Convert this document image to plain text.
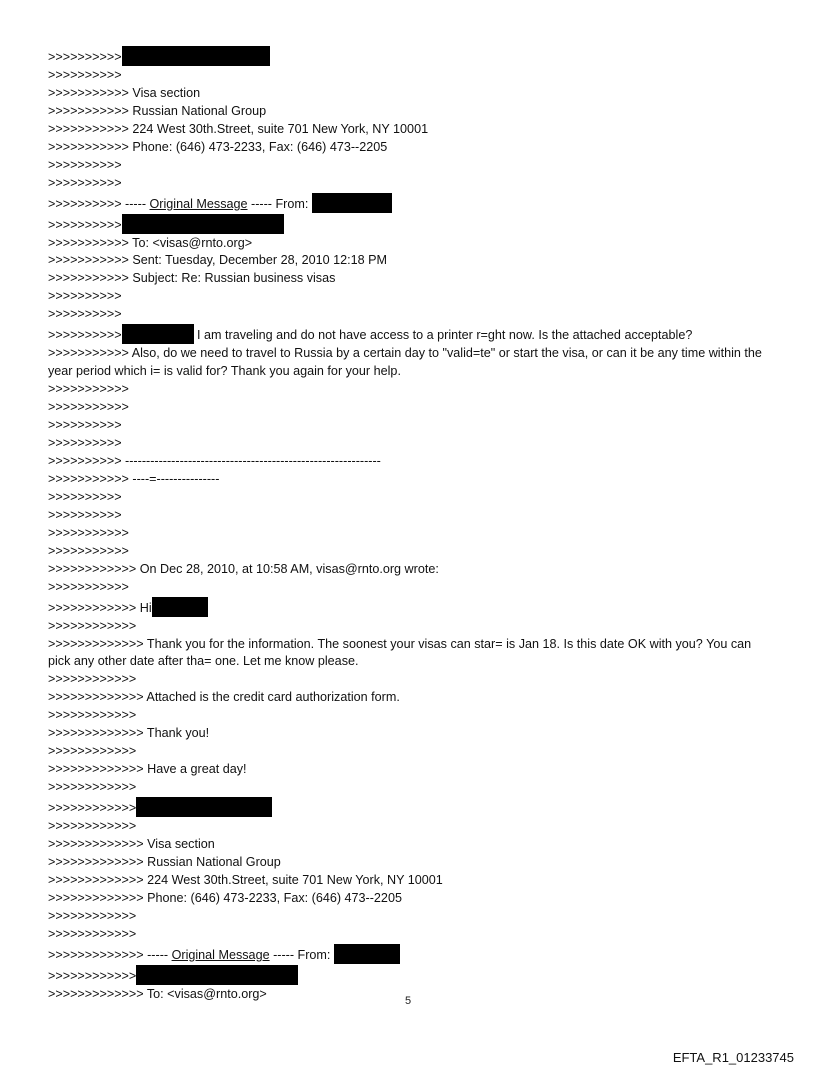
>>>>>>>>>>
>>>>>>>>>>
>>>>>>>>>>> Visa section
>>>>>>>>>>> Russian National Group
>>>>>>>>>>> 224 West 30th.Street, suite 701 New York, NY 10001
>>>>>>>>>>> Phone: (646) 473-2233, Fax: (646) 473--2205
>>>>>>>>>>
>>>>>>>>>>
>>>>>>>>>> ----- Original Message ----- From:
>>>>>>>>>>
>>>>>>>>>>> To: <visas@rnto.org>
>>>>>>>>>>> Sent: Tuesday, December 28, 2010 12:18 PM
>>>>>>>>>>> Subject: Re: Russian business visas
>>>>>>>>>>
>>>>>>>>>>
>>>>>>>>>>	I am traveling and do not have access to a printer r=ght now. Is the attached acceptable?
>>>>>>>>>>> Also, do we need to travel to Russia by a certain day to "valid=te" or start the visa, or can it be any time within the year period which i= is valid for? Thank you again for your help.
>>>>>>>>>>>
>>>>>>>>>>>
>>>>>>>>>>
>>>>>>>>>>
>>>>>>>>>> -------------------------------------------------------------
>>>>>>>>>>> ----=---------------
>>>>>>>>>>
>>>>>>>>>>
>>>>>>>>>>>
>>>>>>>>>>>
>>>>>>>>>>>> On Dec 28, 2010, at 10:58 AM, visas@rnto.org wrote:
>>>>>>>>>>>
>>>>>>>>>>>> Hi
>>>>>>>>>>>>
>>>>>>>>>>>>> Thank you for the information. The soonest your visas can star= is Jan 18. Is this date OK with you? You can pick any other date after tha= one. Let me know please.
>>>>>>>>>>>>
>>>>>>>>>>>>> Attached is the credit card authorization form.
>>>>>>>>>>>>
>>>>>>>>>>>>> Thank you!
>>>>>>>>>>>>
>>>>>>>>>>>>> Have a great day!
>>>>>>>>>>>>
>>>>>>>>>>>>
>>>>>>>>>>>>
>>>>>>>>>>>>> Visa section
>>>>>>>>>>>>> Russian National Group
>>>>>>>>>>>>> 224 West 30th.Street, suite 701 New York, NY 10001
>>>>>>>>>>>>> Phone: (646) 473-2233, Fax: (646) 473--2205
>>>>>>>>>>>>
>>>>>>>>>>>>
>>>>>>>>>>>>> ----- Original Message ----- From:
>>>>>>>>>>>>
>>>>>>>>>>>>> To: <visas@rnto.org>
5
EFTA_R1_01233745
